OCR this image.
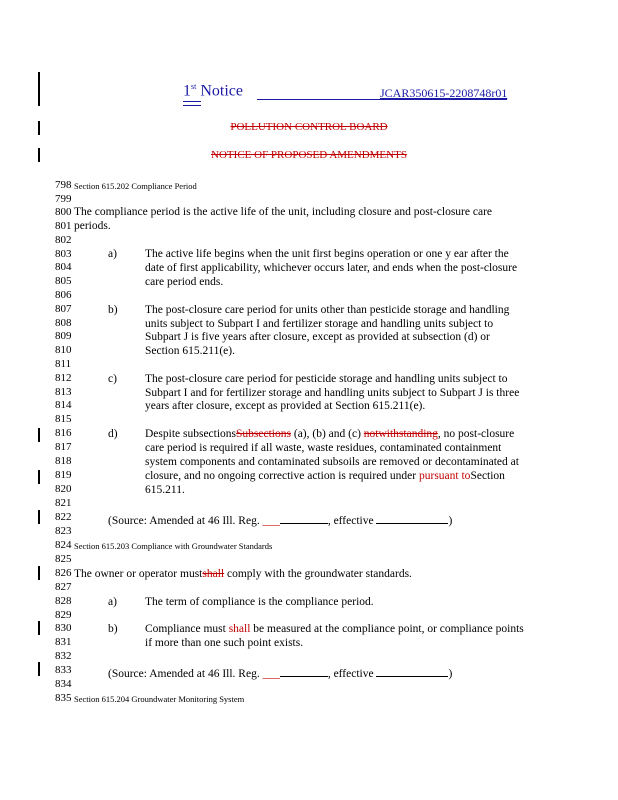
1st Notice	JCAR350615-2208748r01
POLLUTION CONTROL BOARD
NOTICE OF PROPOSED AMENDMENTS
798
799
800
801
802
803
804
805
806
807
808
809
810
811
812
813
814
815
816
817
818
819
820
821
822
823
824
825
826
827
828
829
830
831
832
833
834
835
Section 615.202 Compliance Period
Section 615.203 Compliance with Groundwater Standards
Section 615.204 Groundwater Monitoring System
The compliance period is the active life of the unit, including closure and post-closure care
periods.
a) The active life begins when the unit first begins operation or one y ear after the
date of first applicability, whichever occurs later, and ends when the post-closure
care period ends.
b) The post-closure care period for units other than pesticide storage and handling
units subject to Subpart I and fertilizer storage and handling units subject to
Subpart J is five years after closure, except as provided at subsection (d) or
Section 615.211(e).
c) The post-closure care period for pesticide storage and handling units subject to
Subpart I and for fertilizer storage and handling units subject to Subpart J is three
years after closure, except as provided at Section 615.211(e).
d) Despite subsectionsSubsections (a), (b) and (c) notwithstanding, no post-closure
care period is required if all waste, waste residues, contaminated containment
system components and contaminated subsoils are removed or decontaminated at
closure, and no ongoing corrective action is required under pursuant toSection
615.211.
(Source: Amended at 46 Ill. Reg. ___	, effective	)
The owner or operator mustshall comply with the groundwater standards.
a) The term of compliance is the compliance period.
b) Compliance must shall be measured at the compliance point, or compliance points
if more than one such point exists.
(Source: Amended at 46 Ill. Reg. ___	, effective	)
